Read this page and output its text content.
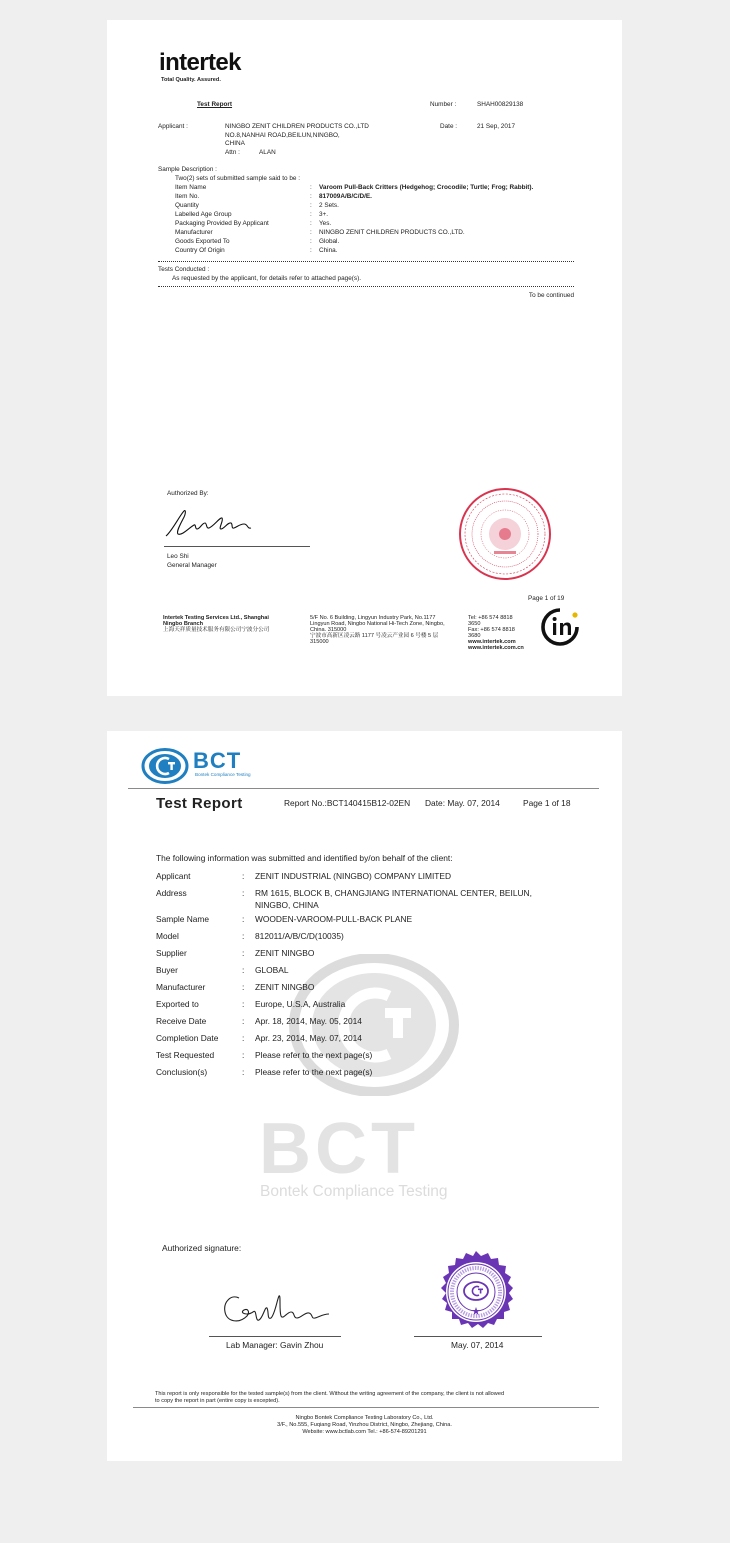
intertek
Total Quality. Assured.
Test Report	Number :	SHAH00829138
Applicant :	NINGBO ZENIT CHILDREN PRODUCTS CO.,LTD
NO.8,NANHAI ROAD,BEILUN,NINGBO,
CHINA
Attn :	ALAN
Date :	21 Sep, 2017
Sample Description :
Two(2) sets of submitted sample said to be :
Item Name	: Varoom Pull-Back Critters (Hedgehog; Crocodile; Turtle; Frog; Rabbit).
Item No.	: 817009A/B/C/D/E.
Quantity	: 2 Sets.
Labelled Age Group	: 3+.
Packaging Provided By Applicant	: Yes.
Manufacturer	: NINGBO ZENIT CHILDREN PRODUCTS CO.,LTD.
Goods Exported To	: Global.
Country Of Origin	: China.
Tests Conducted :
As requested by the applicant, for details refer to attached page(s).
To be continued
Authorized By:
Leo Shi
General Manager
Page 1 of 19
Intertek Testing Services Ltd., Shanghai
Ningbo Branch
上海天祥质量技术服务有限公司宁波分公司
5/F No. 6 Building, Lingyun Industry Park, No.1177
Lingyun Road, Ningbo National Hi-Tech Zone, Ningbo,
China. 315000
宁波市高新区凌云路 1177 号凌云产业园 6 号楼 5 层
315000
Tel: +86 574 8818
3650
Fax: +86 574 8818
3680
www.intertek.com
www.intertek.com.cn
BCT
Bontek Compliance Testing
BCT
Bontek Compliance Testing
Test Report	Report No.:BCT140415B12-02EN Date: May. 07, 2014	Page 1 of 18
The following information was submitted and identified by/on behalf of the client:
Applicant	: ZENIT INDUSTRIAL (NINGBO) COMPANY LIMITED
Address	: RM 1615, BLOCK B, CHANGJIANG INTERNATIONAL CENTER, BEILUN,
NINGBO, CHINA
Sample Name	: WOODEN-VAROOM-PULL-BACK PLANE
Model	: 812011/A/B/C/D(10035)
Supplier	: ZENIT NINGBO
Buyer	: GLOBAL
Manufacturer	: ZENIT NINGBO
Exported to	: Europe, U.S.A, Australia
Receive Date	: Apr. 18, 2014, May. 05, 2014
Completion Date	: Apr. 23, 2014, May. 07, 2014
Test Requested	: Please refer to the next page(s)
Conclusion(s)	: Please refer to the next page(s)
Authorized signature:
Lab Manager: Gavin Zhou	May. 07, 2014
This report is only responsible for the tested sample(s) from the client. Without the writing agreement of the company, the client is not allowed
to copy the report in part (entire copy is excepted).
Ningbo Bontek Compliance Testing Laboratory Co., Ltd.
3/F., No.555, Fuqiang Road, Yinzhou District, Ningbo, Zhejiang, China.
Website: www.bctlab.com Tel.: +86-574-89201291
